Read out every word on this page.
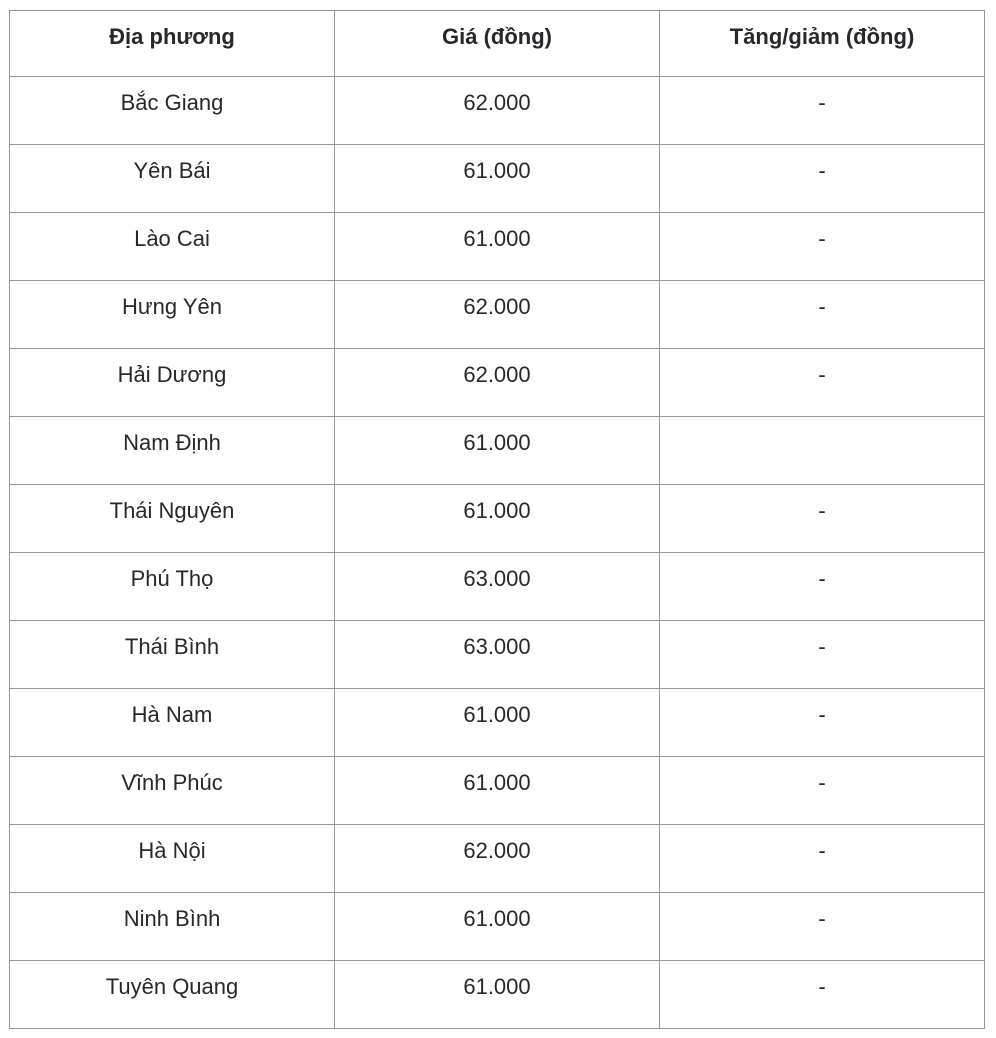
Địa phương	Giá (đồng)	Tăng/giảm (đồng)
Bắc Giang	62.000	-
Yên Bái	61.000	-
Lào Cai	61.000	-
Hưng Yên	62.000	-
Hải Dương	62.000	-
Nam Định	61.000	
Thái Nguyên	61.000	-
Phú Thọ	63.000	-
Thái Bình	63.000	-
Hà Nam	61.000	-
Vĩnh Phúc	61.000	-
Hà Nội	62.000	-
Ninh Bình	61.000	-
Tuyên Quang	61.000	-
